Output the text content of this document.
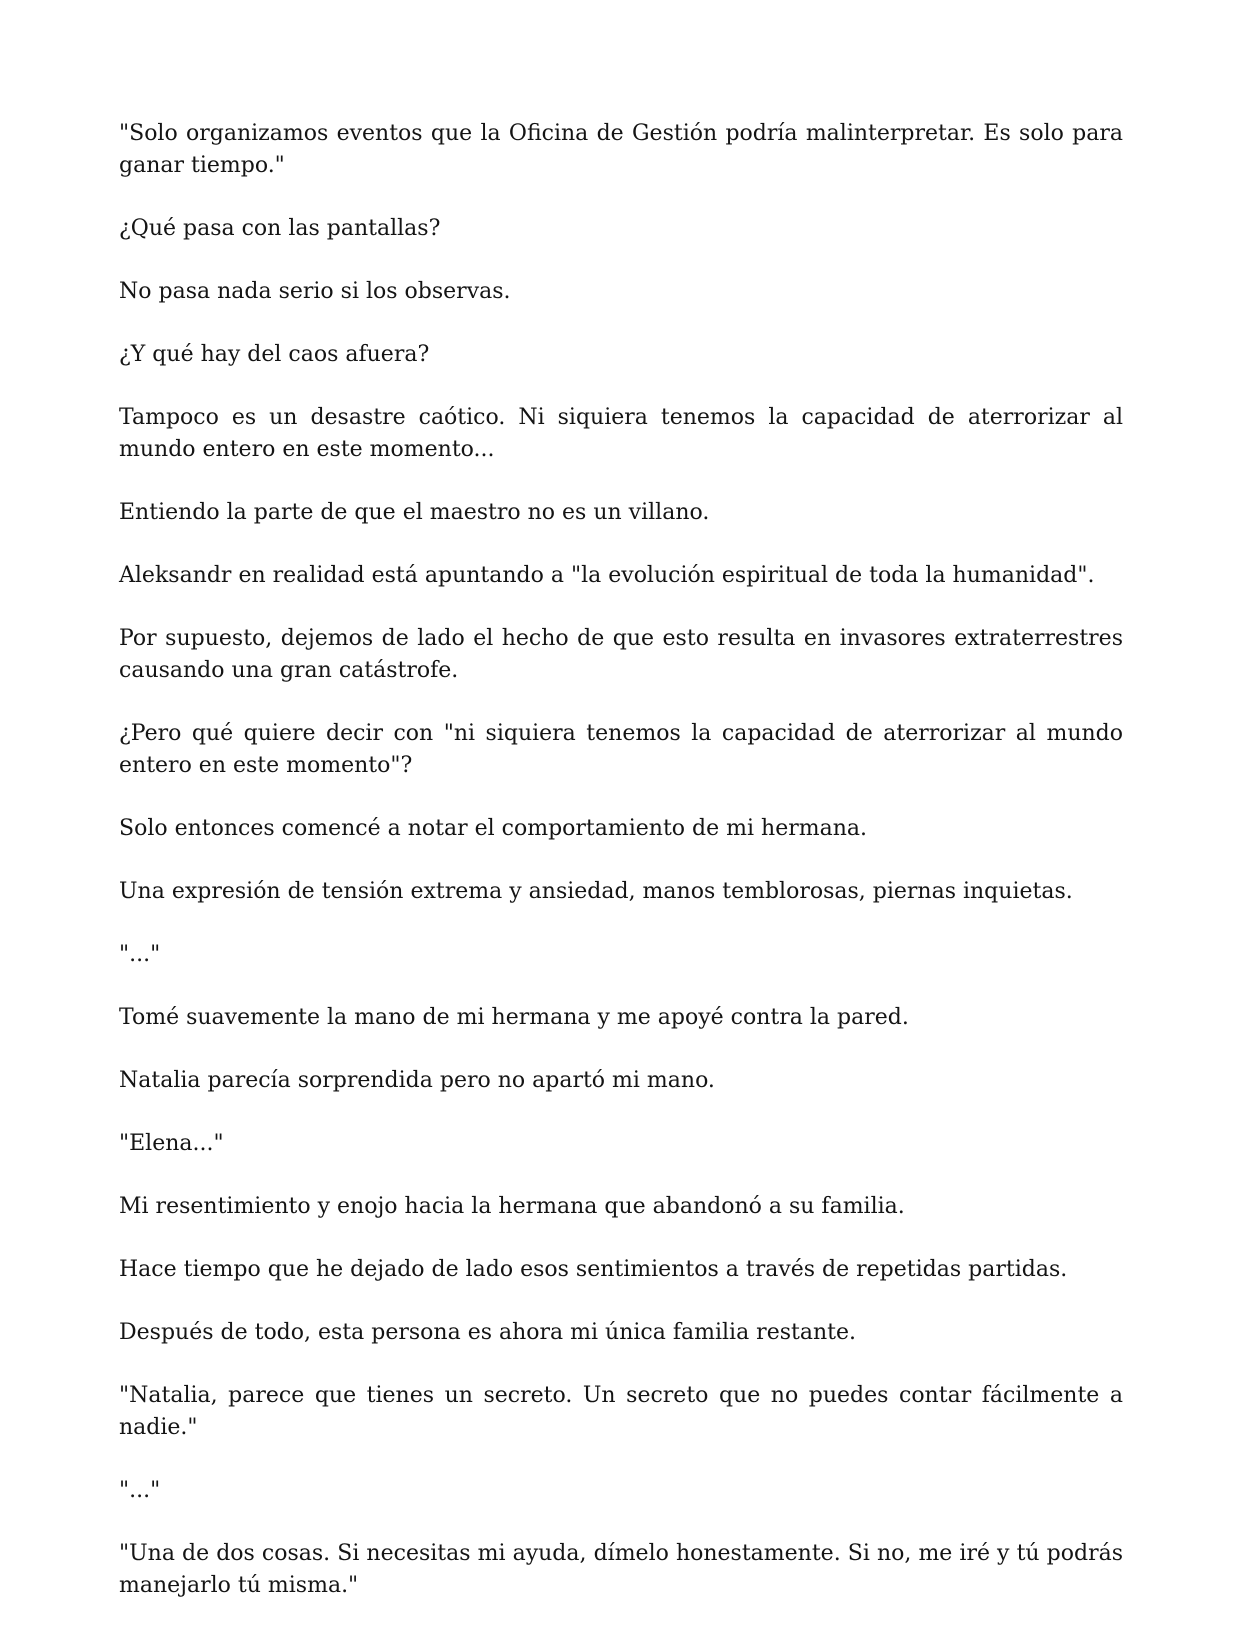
"Solo organizamos eventos que la Oficina de Gestión podría malinterpretar. Es solo para ganar tiempo."

¿Qué pasa con las pantallas?

No pasa nada serio si los observas.

¿Y qué hay del caos afuera?

Tampoco es un desastre caótico. Ni siquiera tenemos la capacidad de aterrorizar al mundo entero en este momento...

Entiendo la parte de que el maestro no es un villano.

Aleksandr en realidad está apuntando a "la evolución espiritual de toda la humanidad".

Por supuesto, dejemos de lado el hecho de que esto resulta en invasores extraterrestres causando una gran catástrofe.

¿Pero qué quiere decir con "ni siquiera tenemos la capacidad de aterrorizar al mundo entero en este momento"?

Solo entonces comencé a notar el comportamiento de mi hermana.

Una expresión de tensión extrema y ansiedad, manos temblorosas, piernas inquietas.

"..."

Tomé suavemente la mano de mi hermana y me apoyé contra la pared.

Natalia parecía sorprendida pero no apartó mi mano.

"Elena..."

Mi resentimiento y enojo hacia la hermana que abandonó a su familia.

Hace tiempo que he dejado de lado esos sentimientos a través de repetidas partidas.

Después de todo, esta persona es ahora mi única familia restante.

"Natalia, parece que tienes un secreto. Un secreto que no puedes contar fácilmente a nadie."

"..."

"Una de dos cosas. Si necesitas mi ayuda, dímelo honestamente. Si no, me iré y tú podrás manejarlo tú misma."
